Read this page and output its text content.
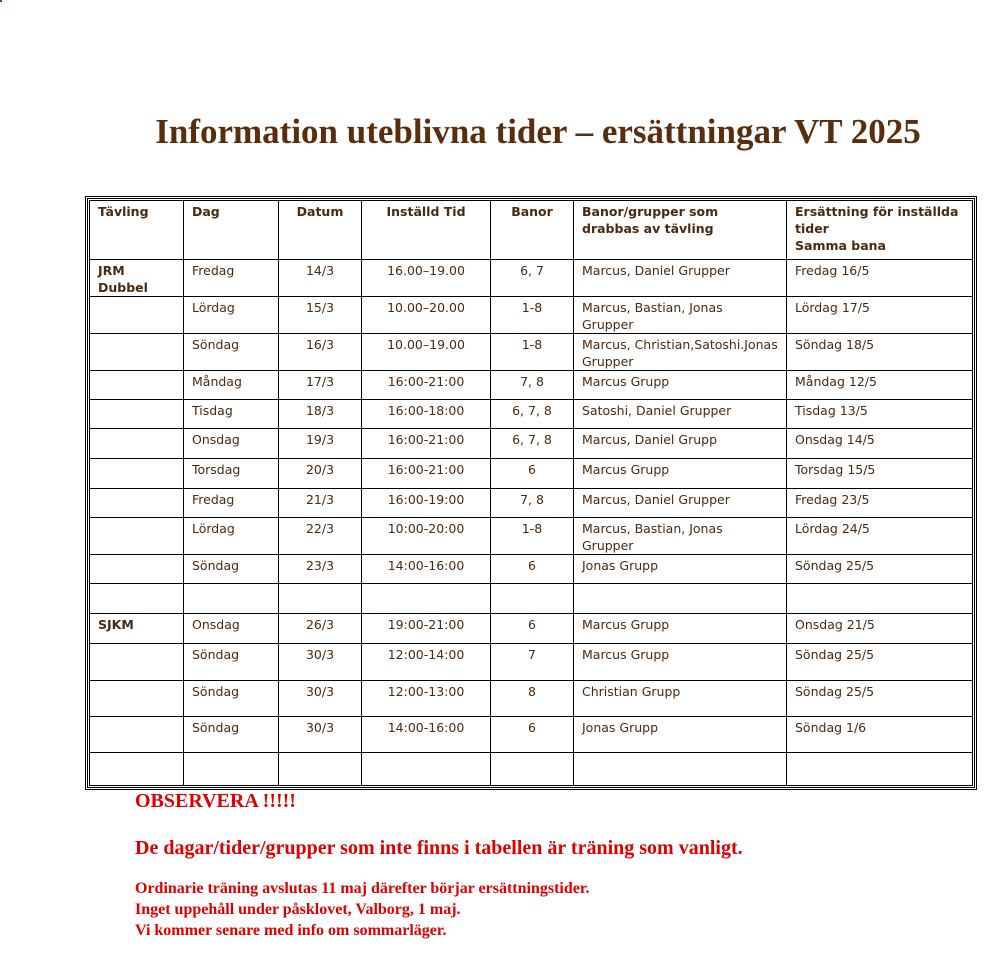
Information uteblivna tider – ersättningar VT 2025
Tävling	Dag	Datum	Inställd Tid	Banor	Banor/grupper som drabbas av tävling	Ersättning för inställda tider
Samma bana

JRM Dubbel	Fredag	14/3	16.00–19.00	6, 7	Marcus, Daniel Grupper	Fredag 16/5
	Lördag	15/3	10.00–20.00	1-8	Marcus, Bastian, Jonas Grupper	Lördag 17/5
	Söndag	16/3	10.00–19.00	1-8	Marcus, Christian,Satoshi.Jonas Grupper	Söndag 18/5
	Måndag	17/3	16:00-21:00	7, 8	Marcus Grupp	Måndag 12/5
	Tisdag	18/3	16:00-18:00	6, 7, 8	Satoshi, Daniel Grupper	Tisdag 13/5
	Onsdag	19/3	16:00-21:00	6, 7, 8	Marcus, Daniel Grupp	Onsdag 14/5
	Torsdag	20/3	16:00-21:00	6	Marcus Grupp	Torsdag 15/5
	Fredag	21/3	16:00-19:00	7, 8	Marcus, Daniel Grupper	Fredag 23/5
	Lördag	22/3	10:00-20:00	1-8	Marcus, Bastian, Jonas Grupper	Lördag 24/5
	Söndag	23/3	14:00-16:00	6	Jonas Grupp	Söndag 25/5

SJKM	Onsdag	26/3	19:00-21:00	6	Marcus Grupp	Onsdag 21/5
	Söndag	30/3	12:00-14:00	7	Marcus Grupp	Söndag 25/5
	Söndag	30/3	12:00-13:00	8	Christian Grupp	Söndag 25/5
	Söndag	30/3	14:00-16:00	6	Jonas Grupp	Söndag 1/6

OBSERVERA !!!!!

De dagar/tider/grupper som inte finns i tabellen är träning som vanligt.

Ordinarie träning avslutas 11 maj därefter börjar ersättningstider.
Inget uppehåll under påsklovet, Valborg, 1 maj.
Vi kommer senare med info om sommarläger.
